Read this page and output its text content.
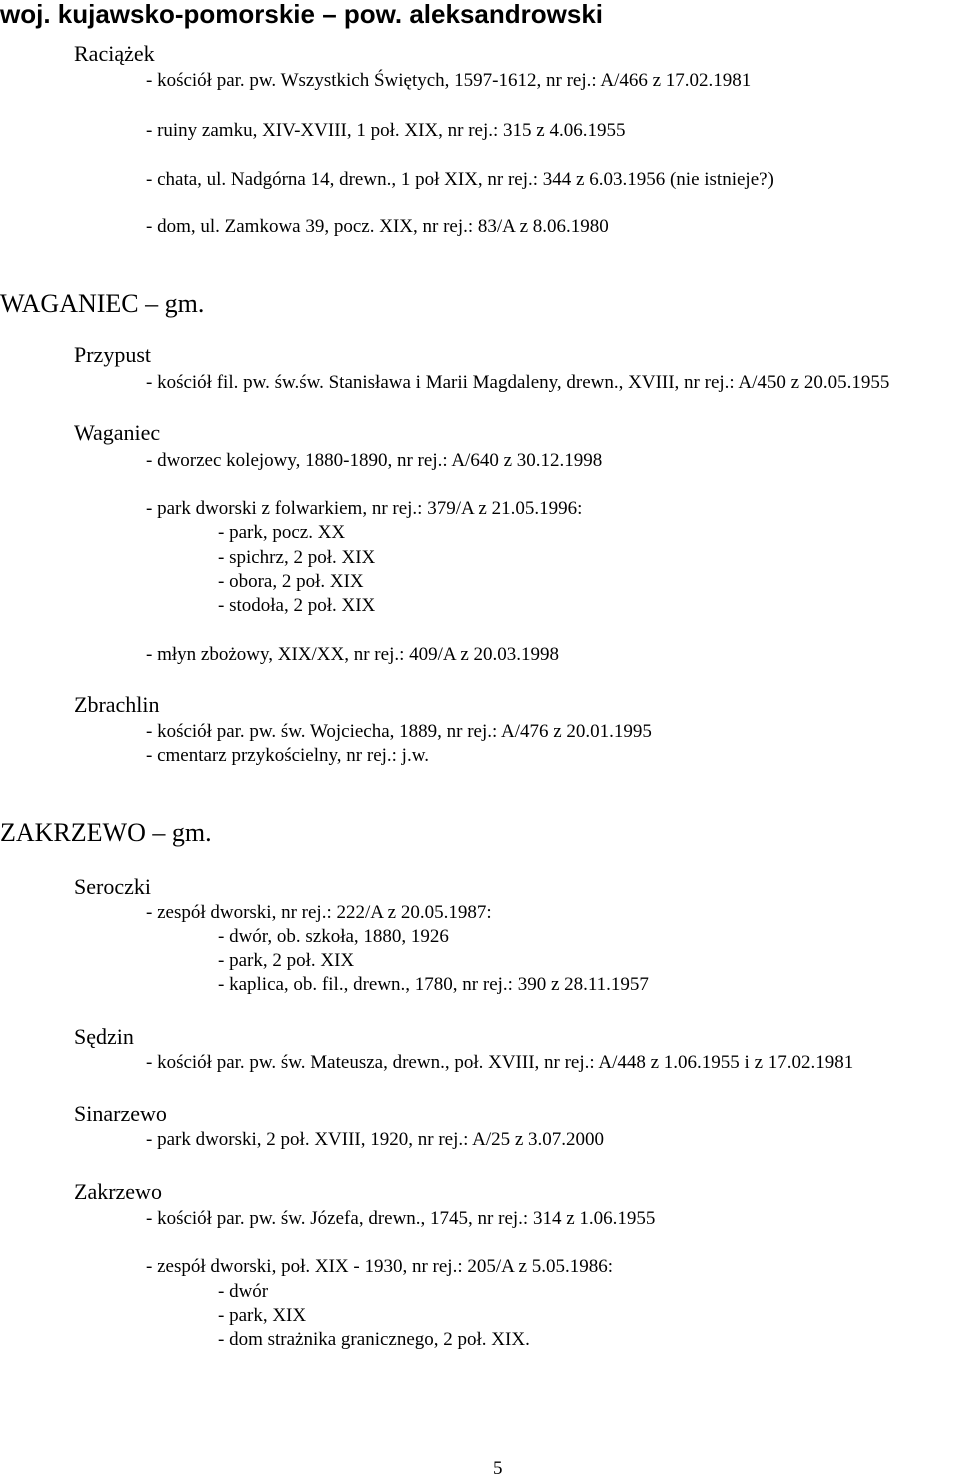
woj. kujawsko-pomorskie – pow. aleksandrowski
Raciążek
- kościół par. pw. Wszystkich Świętych, 1597-1612, nr rej.: A/466 z 17.02.1981
- ruiny zamku, XIV-XVIII, 1 poł. XIX, nr rej.: 315 z 4.06.1955
- chata, ul. Nadgórna 14, drewn., 1 poł XIX, nr rej.: 344 z 6.03.1956 (nie istnieje?)
- dom, ul. Zamkowa 39, pocz. XIX, nr rej.: 83/A z 8.06.1980
WAGANIEC – gm.
Przypust
- kościół fil. pw. św.św. Stanisława i Marii Magdaleny, drewn., XVIII, nr rej.: A/450 z 20.05.1955
Waganiec
- dworzec kolejowy, 1880-1890, nr rej.: A/640 z 30.12.1998
- park dworski z folwarkiem, nr rej.: 379/A z 21.05.1996:
- park, pocz. XX
- spichrz, 2 poł. XIX
- obora, 2 poł. XIX
- stodoła, 2 poł. XIX
- młyn zbożowy, XIX/XX, nr rej.: 409/A z 20.03.1998
Zbrachlin
- kościół par. pw. św. Wojciecha, 1889, nr rej.: A/476 z 20.01.1995
- cmentarz przykościelny, nr rej.: j.w.
ZAKRZEWO – gm.
Seroczki
- zespół dworski, nr rej.: 222/A z 20.05.1987:
- dwór, ob. szkoła, 1880, 1926
- park, 2 poł. XIX
- kaplica, ob. fil., drewn., 1780, nr rej.: 390 z 28.11.1957
Sędzin
- kościół par. pw. św. Mateusza, drewn., poł. XVIII, nr rej.: A/448 z 1.06.1955 i z 17.02.1981
Sinarzewo
- park dworski, 2 poł. XVIII, 1920, nr rej.: A/25 z 3.07.2000
Zakrzewo
- kościół par. pw. św. Józefa, drewn., 1745, nr rej.: 314 z 1.06.1955
- zespół dworski, poł. XIX - 1930, nr rej.: 205/A z 5.05.1986:
- dwór
- park, XIX
- dom strażnika granicznego, 2 poł. XIX.
5
